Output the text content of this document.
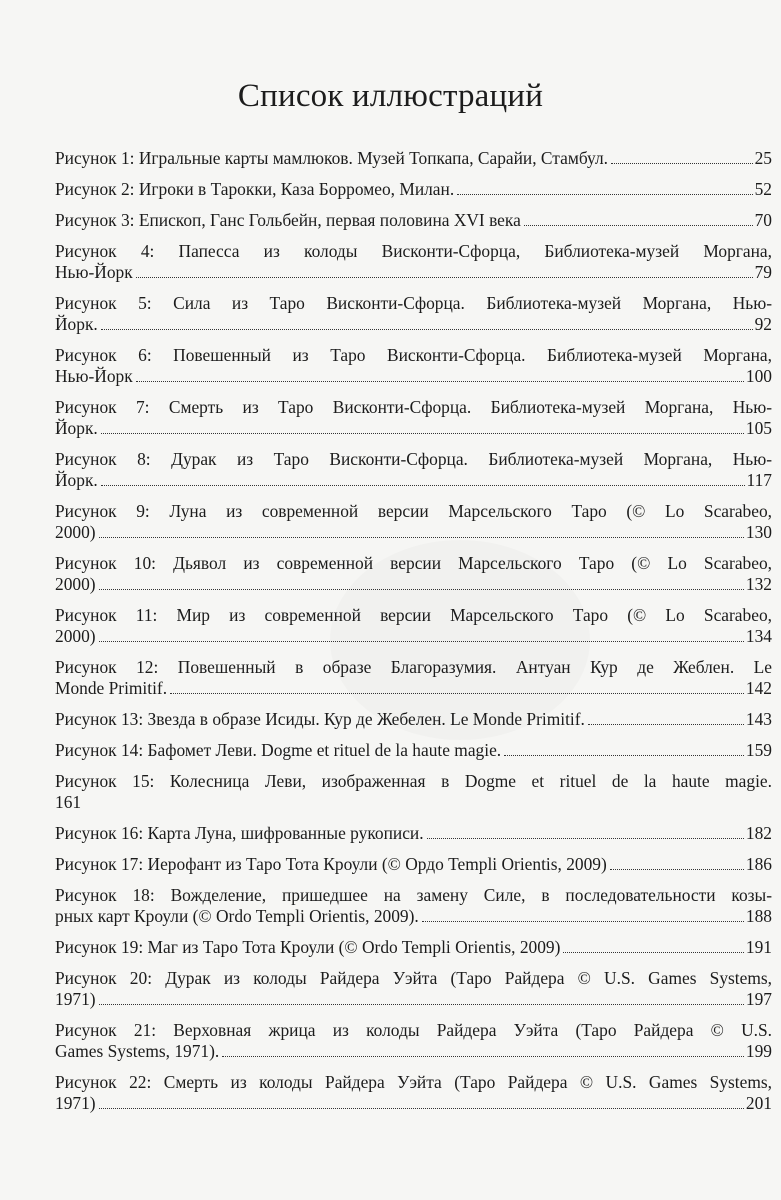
Список иллюстраций
Рисунок 1: Игральные карты мамлюков. Музей Топкапа, Сарайи, Стамбул.	25
Рисунок 2: Игроки в Тарокки, Каза Борромео, Милан.	52
Рисунок 3: Епископ, Ганс Гольбейн, первая половина XVI века	70
Рисунок 4: Папесса из колоды Висконти-Сфорца, Библиотека-музей Моргана,
Нью-Йорк	79
Рисунок 5: Сила из Таро Висконти-Сфорца. Библиотека-музей Моргана, Нью-
Йорк.	92
Рисунок 6: Повешенный из Таро Висконти-Сфорца. Библиотека-музей Моргана,
Нью-Йорк	100
Рисунок 7: Смерть из Таро Висконти-Сфорца. Библиотека-музей Моргана, Нью-
Йорк.	105
Рисунок 8: Дурак из Таро Висконти-Сфорца. Библиотека-музей Моргана, Нью-
Йорк.	117
Рисунок 9: Луна из современной версии Марсельского Таро (© Lo Scarabeo,
2000)	130
Рисунок 10: Дьявол из современной версии Марсельского Таро (© Lo Scarabeo,
2000)	132
Рисунок 11: Мир из современной версии Марсельского Таро (© Lo Scarabeo,
2000)	134
Рисунок 12: Повешенный в образе Благоразумия. Антуан Кур де Жеблен. Le
Monde Primitif.	142
Рисунок 13: Звезда в образе Исиды. Кур де Жебелен. Le Monde Primitif.	143
Рисунок 14: Бафомет Леви. Dogme et rituel de la haute magie.	159
Рисунок 15: Колесница Леви, изображенная в Dogme et rituel de la haute magie.
161
Рисунок 16: Карта Луна, шифрованные рукописи.	182
Рисунок 17: Иерофант из Таро Тота Кроули (© Ордо Templi Orientis, 2009)	186
Рисунок 18: Вожделение, пришедшее на замену Силе, в последовательности козы-
рных карт Кроули (© Ordo Templi Orientis, 2009).	188
Рисунок 19: Маг из Таро Тота Кроули (© Ordo Templi Orientis, 2009)	191
Рисунок 20: Дурак из колоды Райдера Уэйта (Таро Райдера © U.S. Games Systems,
1971)	197
Рисунок 21: Верховная жрица из колоды Райдера Уэйта (Таро Райдера © U.S.
Games Systems, 1971).	199
Рисунок 22: Смерть из колоды Райдера Уэйта (Таро Райдера © U.S. Games Systems,
1971)	201
